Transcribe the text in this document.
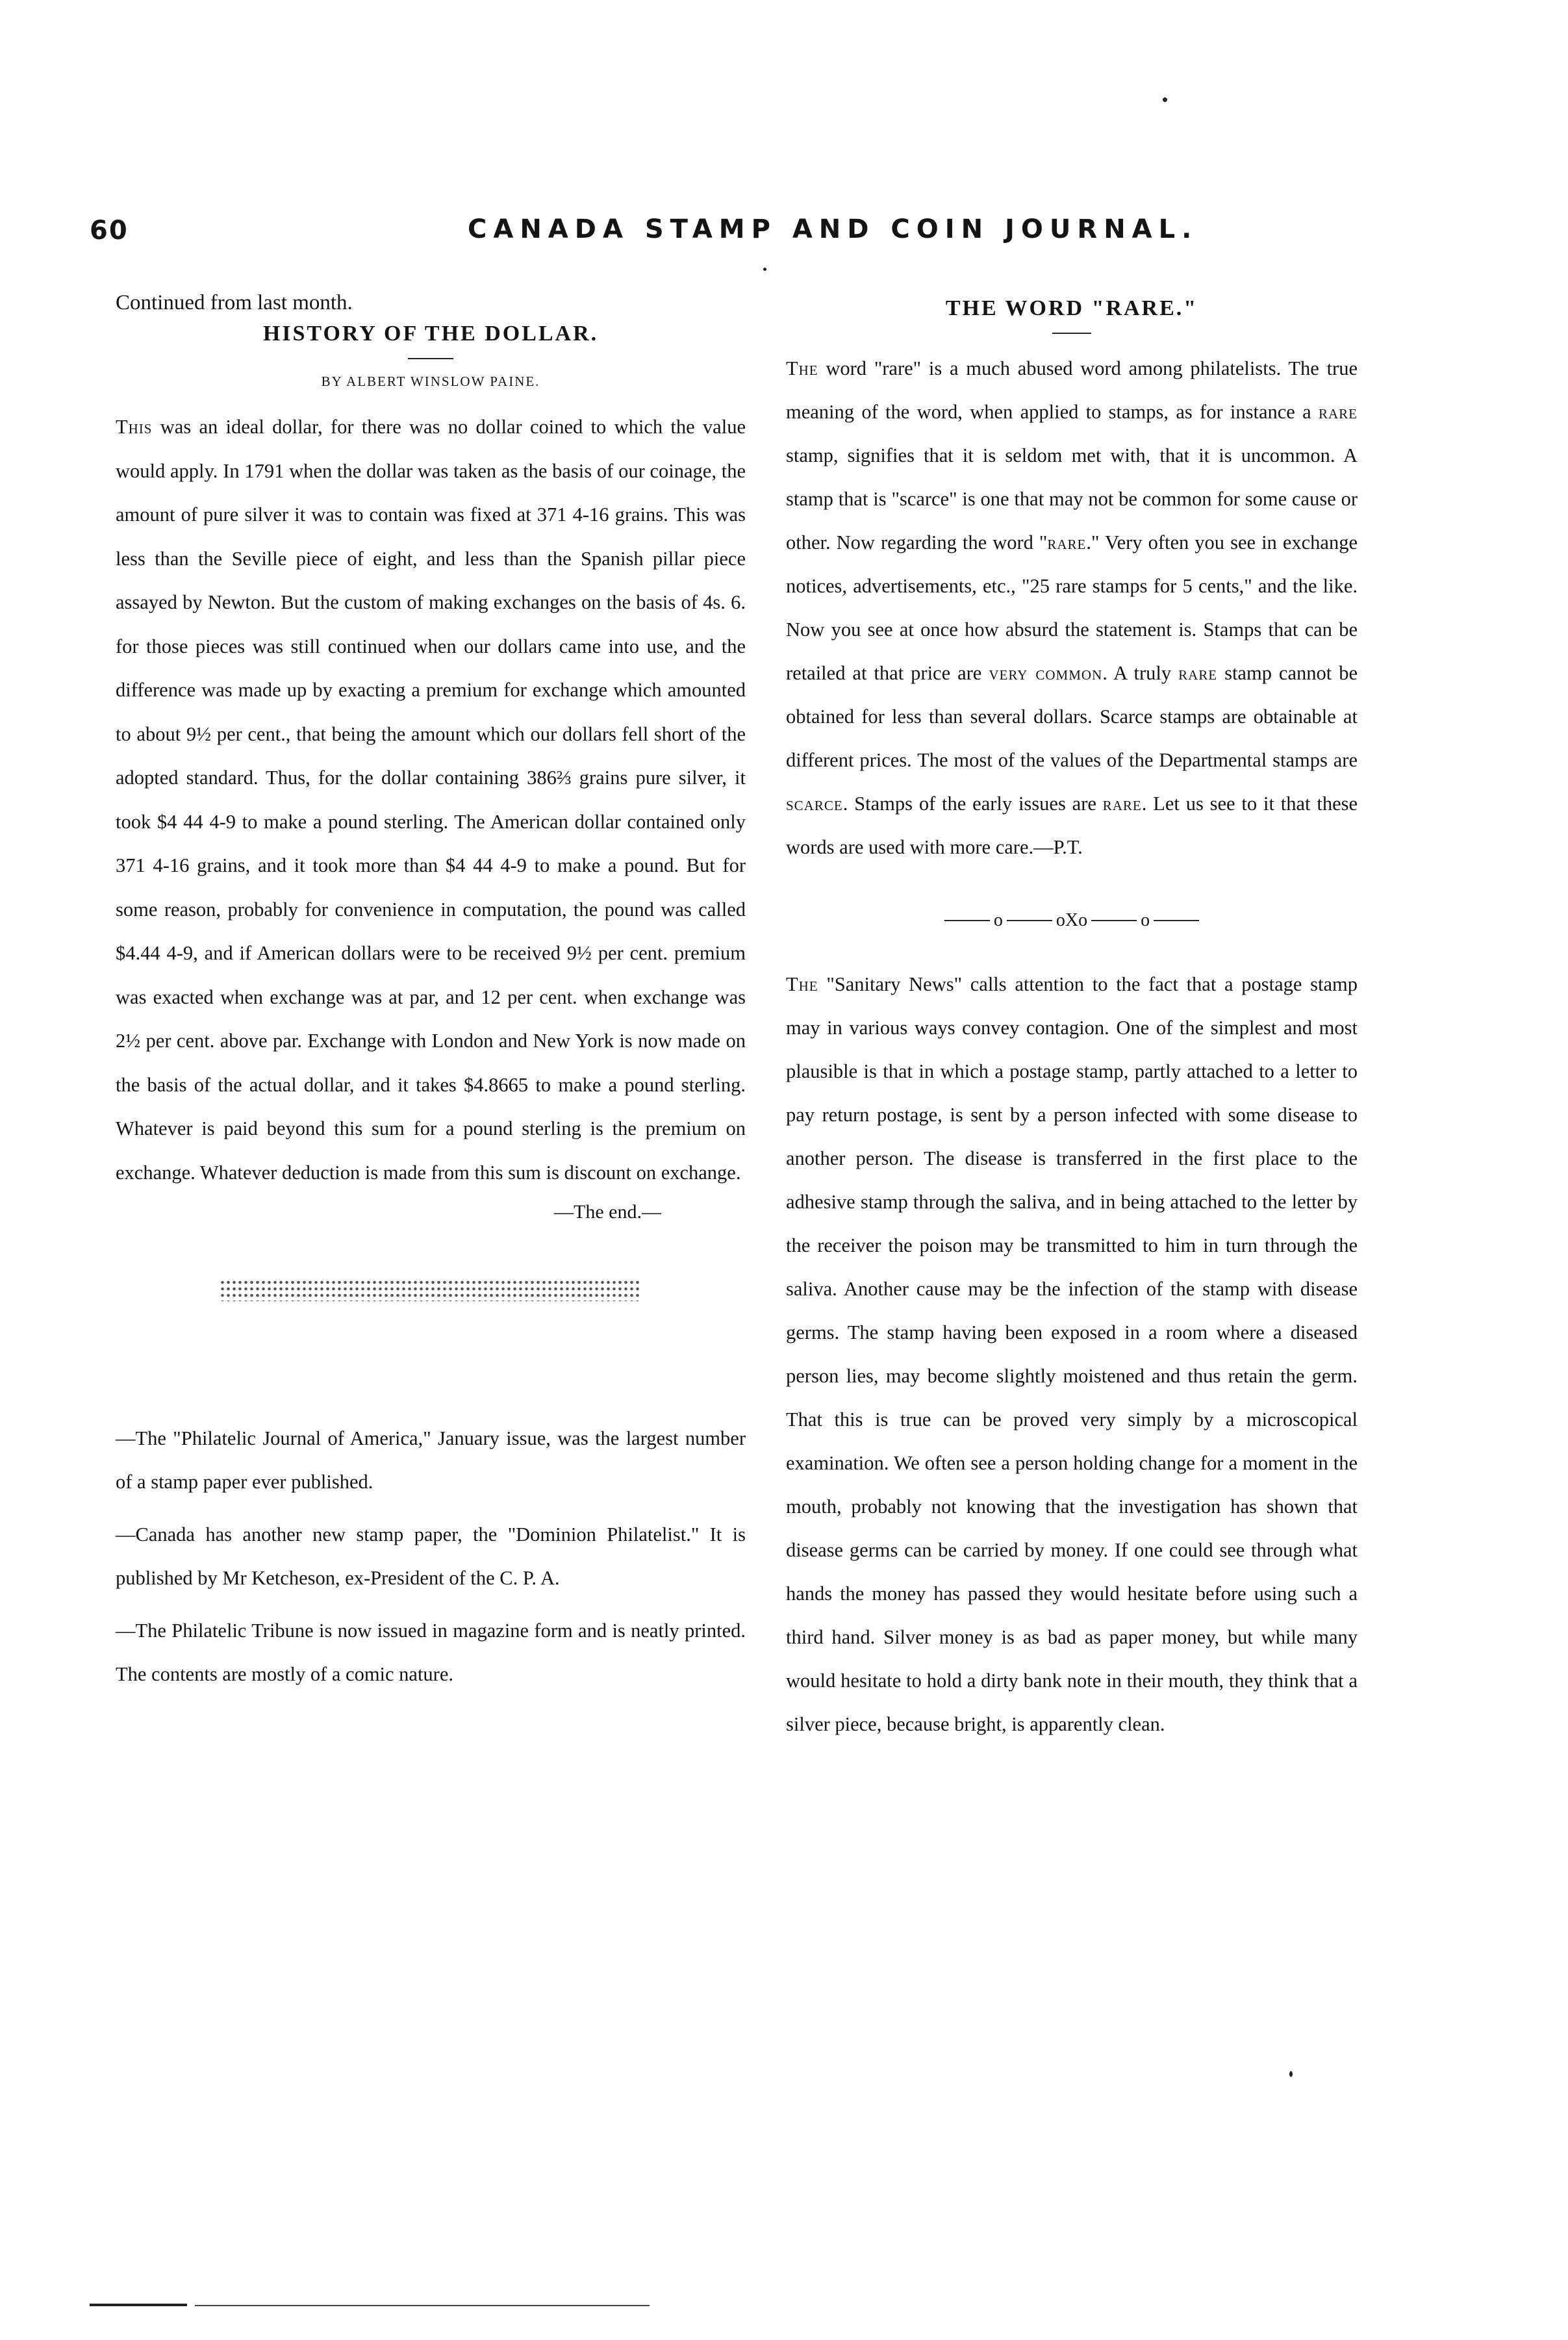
60	CANADA STAMP AND COIN JOURNAL.

Continued from last month.

HISTORY OF THE DOLLAR.

BY ALBERT WINSLOW PAINE.

This was an ideal dollar, for there was no dollar coined to which the value would apply. In 1791 when the dollar was taken as the basis of our coinage, the amount of pure silver it was to contain was fixed at 371 4-16 grains. This was less than the Seville piece of eight, and less than the Spanish pillar piece assayed by Newton. But the custom of making exchanges on the basis of 4s. 6. for those pieces was still continued when our dollars came into use, and the difference was made up by exacting a premium for exchange which amounted to about 9½ per cent., that being the amount which our dollars fell short of the adopted standard. Thus, for the dollar containing 386⅔ grains pure silver, it took $4 44 4-9 to make a pound sterling. The American dollar contained only 371 4-16 grains, and it took more than $4 44 4-9 to make a pound. But for some reason, probably for convenience in computation, the pound was called $4.44 4-9, and if American dollars were to be received 9½ per cent. premium was exacted when exchange was at par, and 12 per cent. when exchange was 2½ per cent. above par. Exchange with London and New York is now made on the basis of the actual dollar, and it takes $4.8665 to make a pound sterling. Whatever is paid beyond this sum for a pound sterling is the premium on exchange. Whatever deduction is made from this sum is discount on exchange.

—The end.—

—The "Philatelic Journal of America," January issue, was the largest number of a stamp paper ever published.

—Canada has another new stamp paper, the "Dominion Philatelist." It is published by Mr Ketcheson, ex-President of the C. P. A.

—The Philatelic Tribune is now issued in magazine form and is neatly printed. The contents are mostly of a comic nature.

THE WORD "RARE."

The word "rare" is a much abused word among philatelists. The true meaning of the word, when applied to stamps, as for instance a rare stamp, signifies that it is seldom met with, that it is uncommon. A stamp that is "scarce" is one that may not be common for some cause or other. Now regarding the word "rare." Very often you see in exchange notices, advertisements, etc., "25 rare stamps for 5 cents," and the like. Now you see at once how absurd the statement is. Stamps that can be retailed at that price are very common. A truly rare stamp cannot be obtained for less than several dollars. Scarce stamps are obtainable at different prices. The most of the values of the Departmental stamps are scarce. Stamps of the early issues are rare. Let us see to it that these words are used with more care.—P.T.

o	oXo	o

The "Sanitary News" calls attention to the fact that a postage stamp may in various ways convey contagion. One of the simplest and most plausible is that in which a postage stamp, partly attached to a letter to pay return postage, is sent by a person infected with some disease to another person. The disease is transferred in the first place to the adhesive stamp through the saliva, and in being attached to the letter by the receiver the poison may be transmitted to him in turn through the saliva. Another cause may be the infection of the stamp with disease germs. The stamp having been exposed in a room where a diseased person lies, may become slightly moistened and thus retain the germ. That this is true can be proved very simply by a microscopical examination. We often see a person holding change for a moment in the mouth, probably not knowing that the investigation has shown that disease germs can be carried by money. If one could see through what hands the money has passed they would hesitate before using such a third hand. Silver money is as bad as paper money, but while many would hesitate to hold a dirty bank note in their mouth, they think that a silver piece, because bright, is apparently clean.
